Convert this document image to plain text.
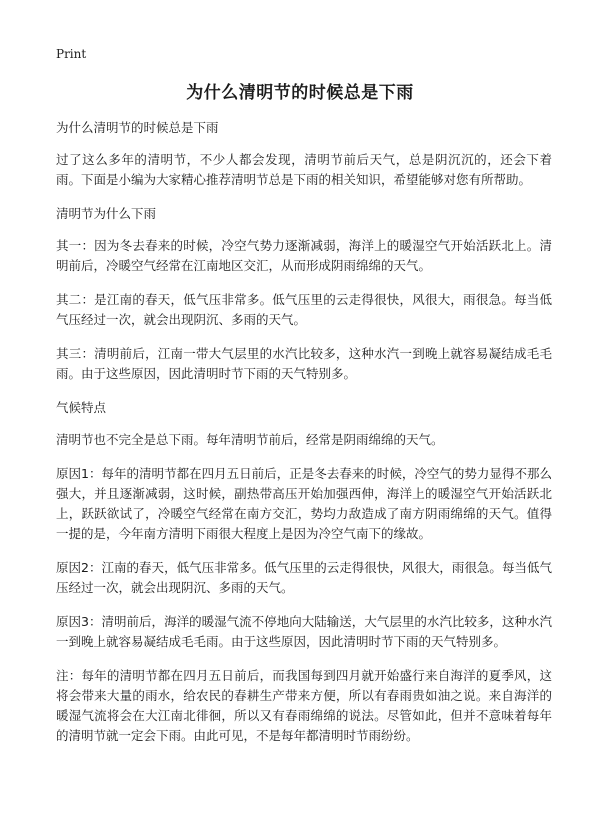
Print
为什么清明节的时候总是下雨

为什么清明节的时候总是下雨

过了这么多年的清明节，不少人都会发现，清明节前后天气，总是阴沉沉的，还会下着雨。下面是小编为大家精心推荐清明节总是下雨的相关知识，希望能够对您有所帮助。

清明节为什么下雨

其一：因为冬去春来的时候，冷空气势力逐渐减弱，海洋上的暖湿空气开始活跃北上。清明前后，冷暖空气经常在江南地区交汇，从而形成阴雨绵绵的天气。

其二：是江南的春天，低气压非常多。低气压里的云走得很快，风很大，雨很急。每当低气压经过一次，就会出现阴沉、多雨的天气。

其三：清明前后，江南一带大气层里的水汽比较多，这种水汽一到晚上就容易凝结成毛毛雨。由于这些原因，因此清明时节下雨的天气特别多。

气候特点

清明节也不完全是总下雨。每年清明节前后，经常是阴雨绵绵的天气。

原因1：每年的清明节都在四月五日前后，正是冬去春来的时候，冷空气的势力显得不那么强大，并且逐渐减弱，这时候，副热带高压开始加强西伸，海洋上的暖湿空气开始活跃北上，跃跃欲试了，冷暖空气经常在南方交汇，势均力敌造成了南方阴雨绵绵的天气。值得一提的是，今年南方清明下雨很大程度上是因为冷空气南下的缘故。

原因2：江南的春天，低气压非常多。低气压里的云走得很快，风很大，雨很急。每当低气压经过一次，就会出现阴沉、多雨的天气。

原因3：清明前后，海洋的暖湿气流不停地向大陆输送，大气层里的水汽比较多，这种水汽一到晚上就容易凝结成毛毛雨。由于这些原因，因此清明时节下雨的天气特别多。

注：每年的清明节都在四月五日前后，而我国每到四月就开始盛行来自海洋的夏季风，这将会带来大量的雨水，给农民的春耕生产带来方便，所以有春雨贵如油之说。来自海洋的暖湿气流将会在大江南北徘徊，所以又有春雨绵绵的说法。尽管如此，但并不意味着每年的清明节就一定会下雨。由此可见，不是每年都清明时节雨纷纷。
